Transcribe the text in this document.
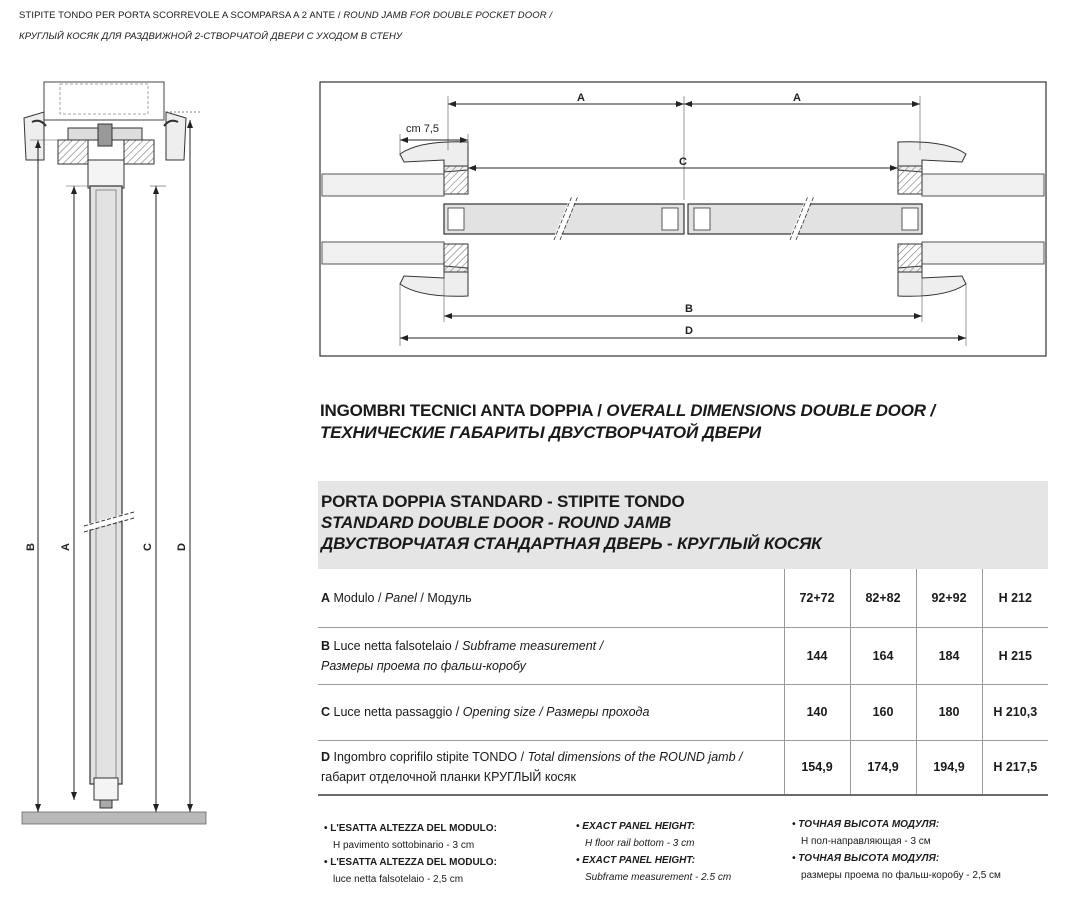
STIPITE TONDO PER PORTA SCORREVOLE A SCOMPARSA A 2 ANTE / ROUND JAMB FOR DOUBLE POCKET DOOR /
КРУГЛЫЙ КОСЯК ДЛЯ РАЗДВИЖНОЙ 2-СТВОРЧАТОЙ ДВЕРИ С УХОДОМ В СТЕНУ
B A	C D
A	A
cm 7,5
C
B
D
INGOMBRI TECNICI ANTA DOPPIA / OVERALL DIMENSIONS DOUBLE DOOR /
ТЕХНИЧЕСКИЕ ГАБАРИТЫ ДВУСТВОРЧАТОЙ ДВЕРИ
PORTA DOPPIA STANDARD - STIPITE TONDO
STANDARD DOUBLE DOOR - ROUND JAMB
ДВУСТВОРЧАТАЯ СТАНДАРТНАЯ ДВЕРЬ - КРУГЛЫЙ КОСЯК
A Modulo / Panel / Модуль	72+72	82+82	92+92	H 212
B Luce netta falsotelaio / Subframe measurement /
Размеры проема по фальш-коробу	144	164	184	H 215
C Luce netta passaggio / Opening size / Размеры прохода	140	160	180	H 210,3
D Ingombro coprifilo stipite TONDO / Total dimensions of the ROUND jamb /
габарит отделочной планки КРУГЛЫЙ косяк	154,9	174,9	194,9	H 217,5
• L'ESATTA ALTEZZA DEL MODULO:
H pavimento sottobinario - 3 cm
• L'ESATTA ALTEZZA DEL MODULO:
luce netta falsotelaio - 2,5 cm
• EXACT PANEL HEIGHT:
H floor rail bottom - 3 cm
• EXACT PANEL HEIGHT:
Subframe measurement - 2.5 cm
• ТОЧНАЯ ВЫСОТА МОДУЛЯ:
Н пол-направляющая - 3 см
• ТОЧНАЯ ВЫСОТА МОДУЛЯ:
размеры проема по фальш-коробу - 2,5 см
